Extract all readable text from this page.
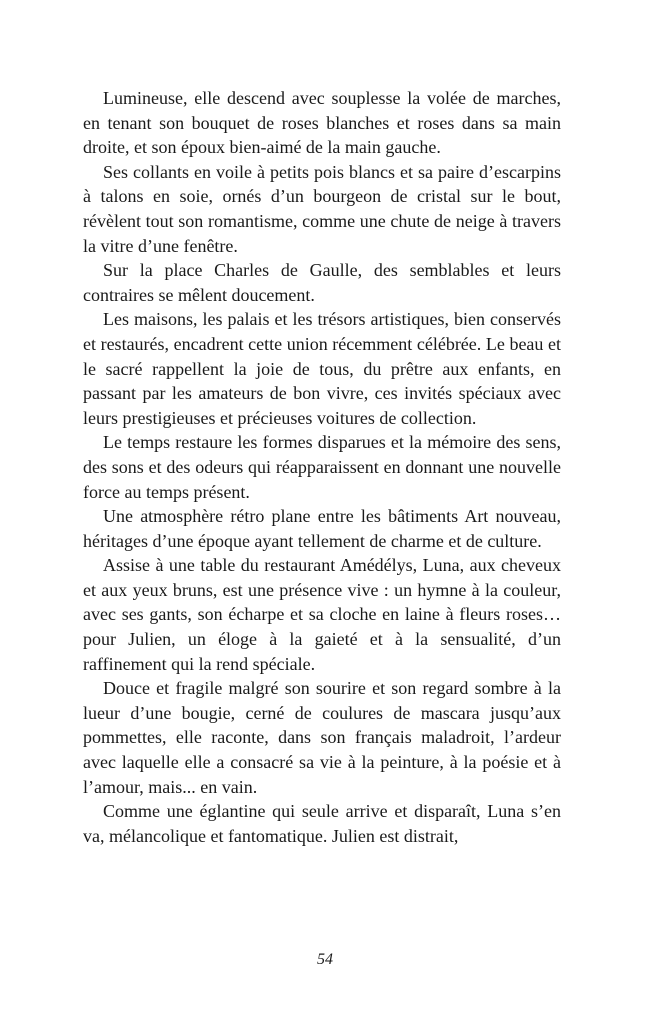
Lumineuse, elle descend avec souplesse la volée de marches, en tenant son bouquet de roses blanches et roses dans sa main droite, et son époux bien-aimé de la main gauche.

Ses collants en voile à petits pois blancs et sa paire d’escarpins à talons en soie, ornés d’un bourgeon de cristal sur le bout, révèlent tout son romantisme, comme une chute de neige à travers la vitre d’une fenêtre.

Sur la place Charles de Gaulle, des semblables et leurs contraires se mêlent doucement.

Les maisons, les palais et les trésors artistiques, bien conservés et restaurés, encadrent cette union récemment célébrée. Le beau et le sacré rappellent la joie de tous, du prêtre aux enfants, en passant par les amateurs de bon vivre, ces invités spéciaux avec leurs prestigieuses et précieuses voitures de collection.

Le temps restaure les formes disparues et la mémoire des sens, des sons et des odeurs qui réapparaissent en donnant une nouvelle force au temps présent.

Une atmosphère rétro plane entre les bâtiments Art nouveau, héritages d’une époque ayant tellement de charme et de culture.

Assise à une table du restaurant Amédélys, Luna, aux cheveux et aux yeux bruns, est une présence vive : un hymne à la couleur, avec ses gants, son écharpe et sa cloche en laine à fleurs roses… pour Julien, un éloge à la gaieté et à la sensualité, d’un raffinement qui la rend spéciale.

Douce et fragile malgré son sourire et son regard sombre à la lueur d’une bougie, cerné de coulures de mascara jusqu’aux pommettes, elle raconte, dans son français maladroit, l’ardeur avec laquelle elle a consacré sa vie à la peinture, à la poésie et à l’amour, mais... en vain.

Comme une églantine qui seule arrive et disparaît, Luna s’en va, mélancolique et fantomatique. Julien est distrait,

54
